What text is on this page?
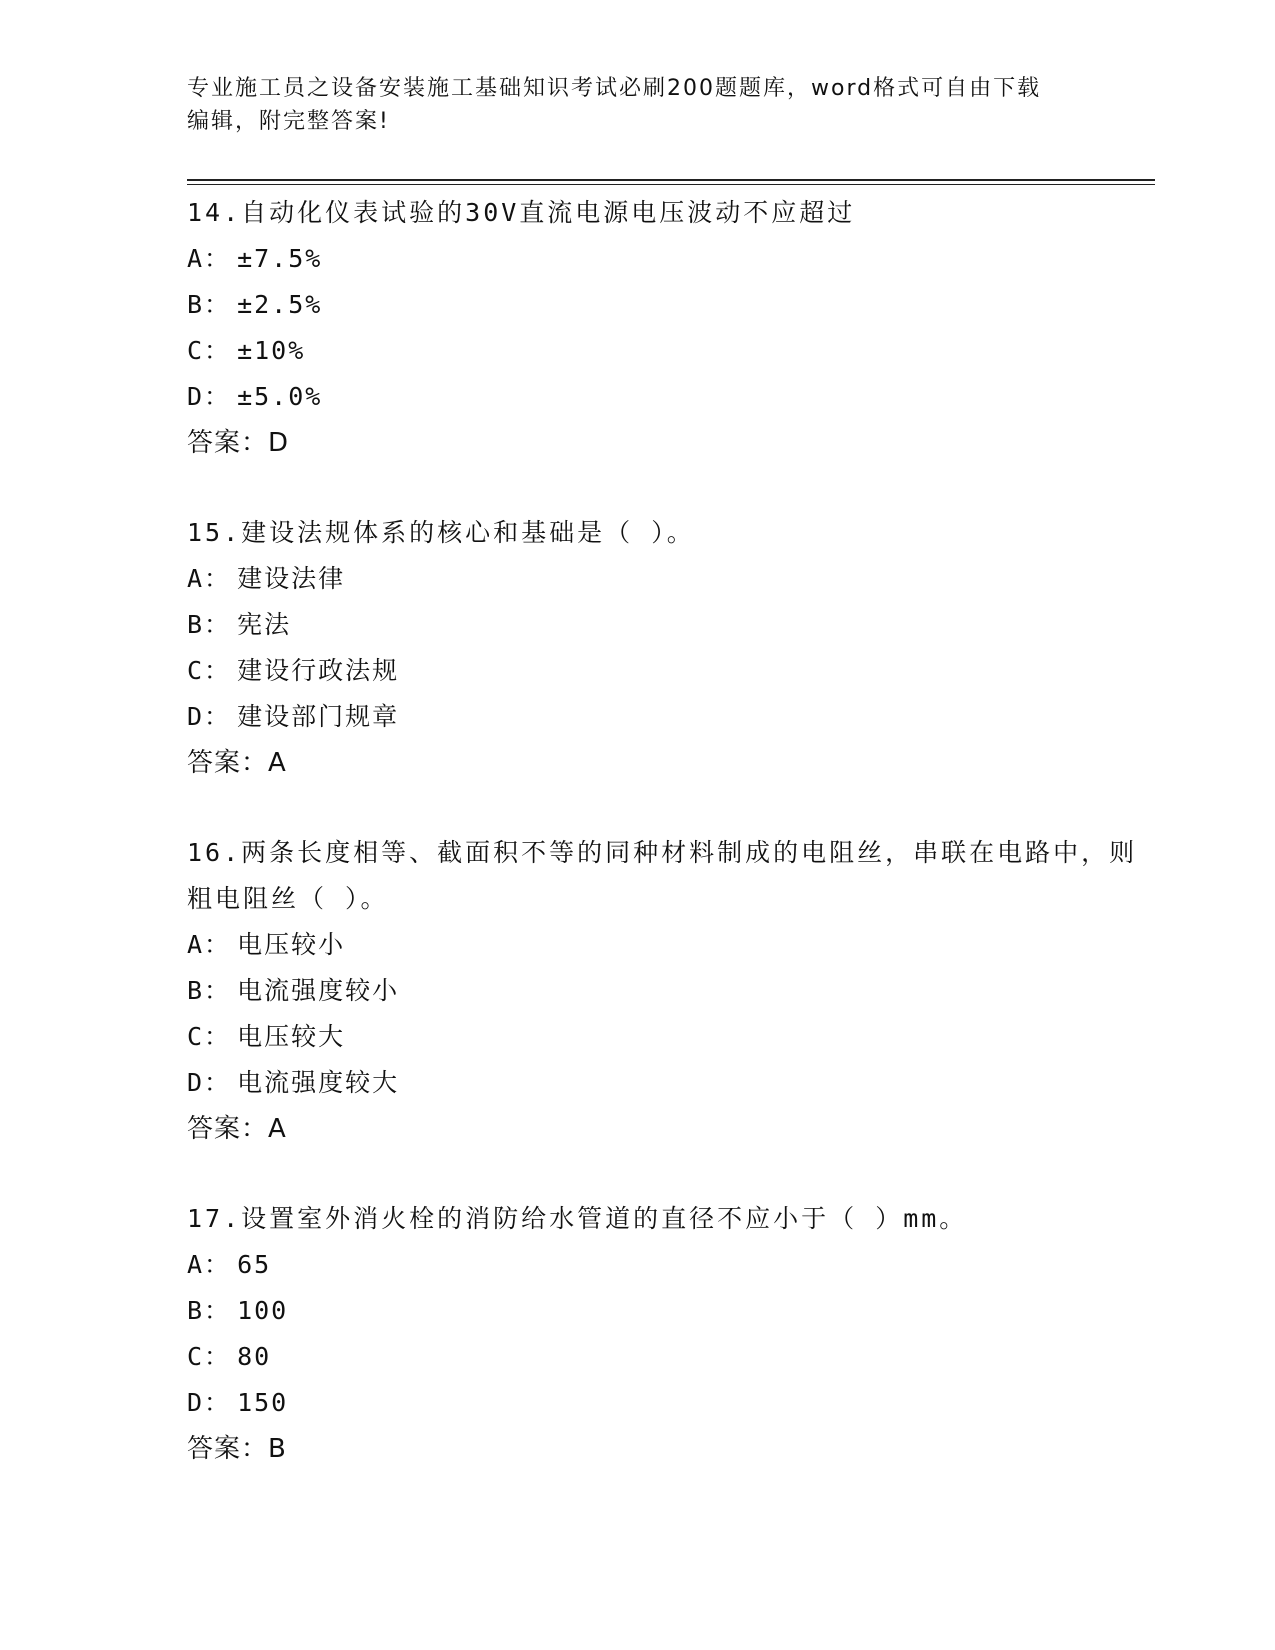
专业施工员之设备安装施工基础知识考试必刷200题题库，word格式可自由下载
编辑，附完整答案!

14.自动化仪表试验的30V直流电源电压波动不应超过

A： ±7.5%

B： ±2.5%

C： ±10%

D： ±5.0%

答案：D

15.建设法规体系的核心和基础是（ ）。

A： 建设法律

B： 宪法

C： 建设行政法规

D： 建设部门规章

答案：A

16.两条长度相等、截面积不等的同种材料制成的电阻丝，串联在电路中，则粗电阻丝（ ）。

A： 电压较小

B： 电流强度较小

C： 电压较大

D： 电流强度较大

答案：A

17.设置室外消火栓的消防给水管道的直径不应小于（ ）mm。

A： 65

B： 100

C： 80

D： 150

答案：B
